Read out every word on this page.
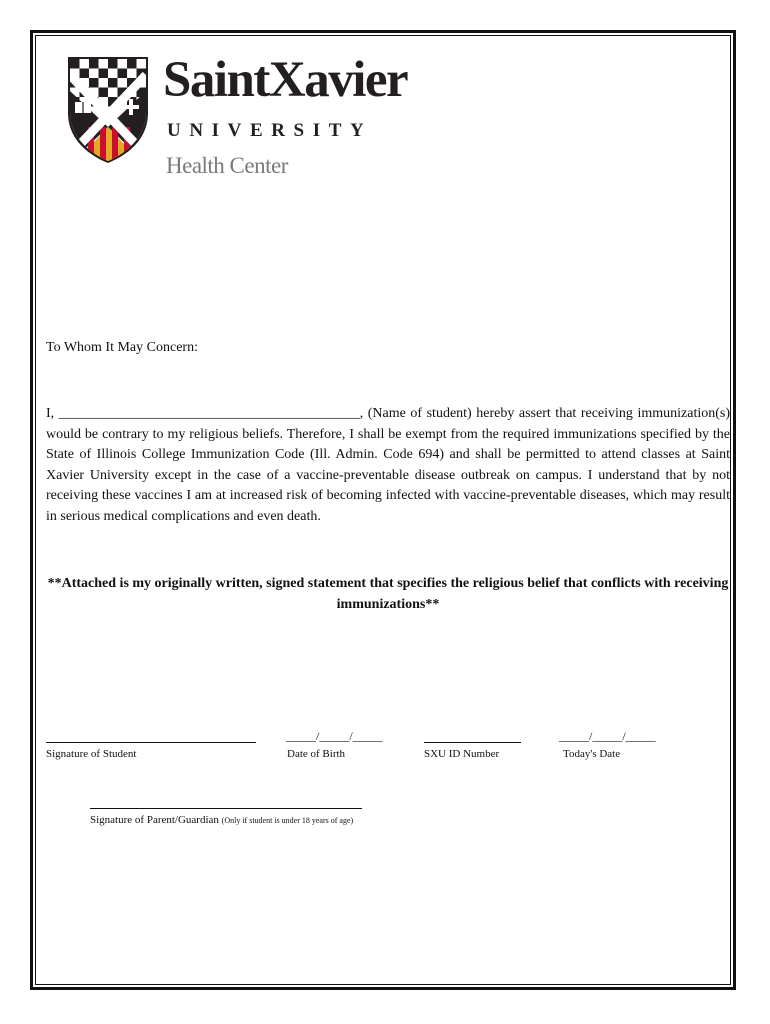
SaintXavier
UNIVERSITY
Health Center
To Whom It May Concern:
I, ___________________________________________, (Name of student) hereby assert that receiving immunization(s) would be contrary to my religious beliefs. Therefore, I shall be exempt from the required immunizations specified by the State of Illinois College Immunization Code (Ill. Admin. Code 694) and shall be permitted to attend classes at Saint Xavier University except in the case of a vaccine-preventable disease outbreak on campus. I understand that by not receiving these vaccines I am at increased risk of becoming infected with vaccine-preventable diseases, which may result in serious medical complications and even death.
**Attached is my originally written, signed statement that specifies the religious belief that conflicts with receiving immunizations**
Signature of Student
_____/_____/_____
Date of Birth	SXU ID Number
_____/_____/_____
Today's Date
Signature of Parent/Guardian (Only if student is under 18 years of age)
